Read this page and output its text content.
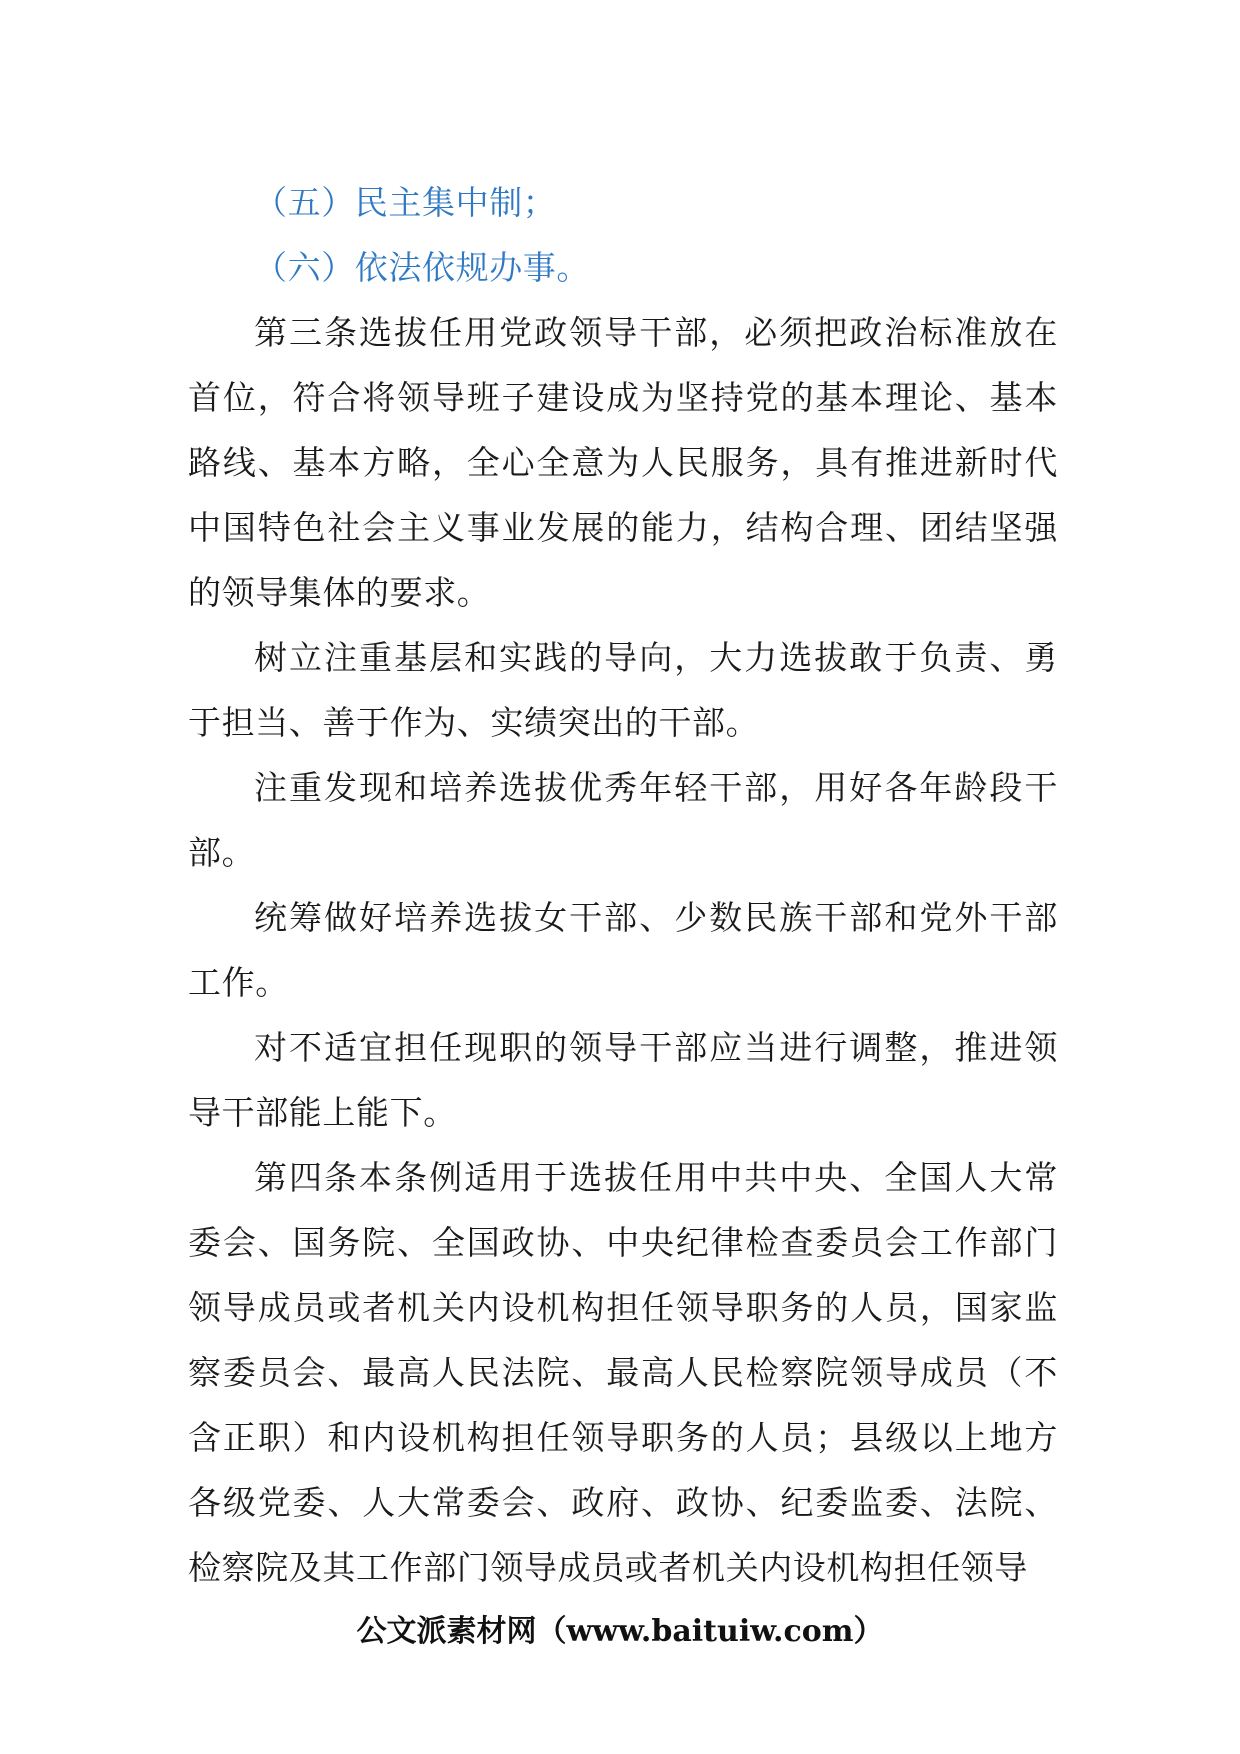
（五）民主集中制；

（六）依法依规办事。

第三条选拔任用党政领导干部，必须把政治标准放在首位，符合将领导班子建设成为坚持党的基本理论、基本路线、基本方略，全心全意为人民服务，具有推进新时代中国特色社会主义事业发展的能力，结构合理、团结坚强的领导集体的要求。

树立注重基层和实践的导向，大力选拔敢于负责、勇于担当、善于作为、实绩突出的干部。

注重发现和培养选拔优秀年轻干部，用好各年龄段干部。

统筹做好培养选拔女干部、少数民族干部和党外干部工作。

对不适宜担任现职的领导干部应当进行调整，推进领导干部能上能下。

第四条本条例适用于选拔任用中共中央、全国人大常委会、国务院、全国政协、中央纪律检查委员会工作部门领导成员或者机关内设机构担任领导职务的人员，国家监察委员会、最高人民法院、最高人民检察院领导成员（不含正职）和内设机构担任领导职务的人员；县级以上地方各级党委、人大常委会、政府、政协、纪委监委、法院、检察院及其工作部门领导成员或者机关内设机构担任领导

公文派素材网（www.baituiw.com）
